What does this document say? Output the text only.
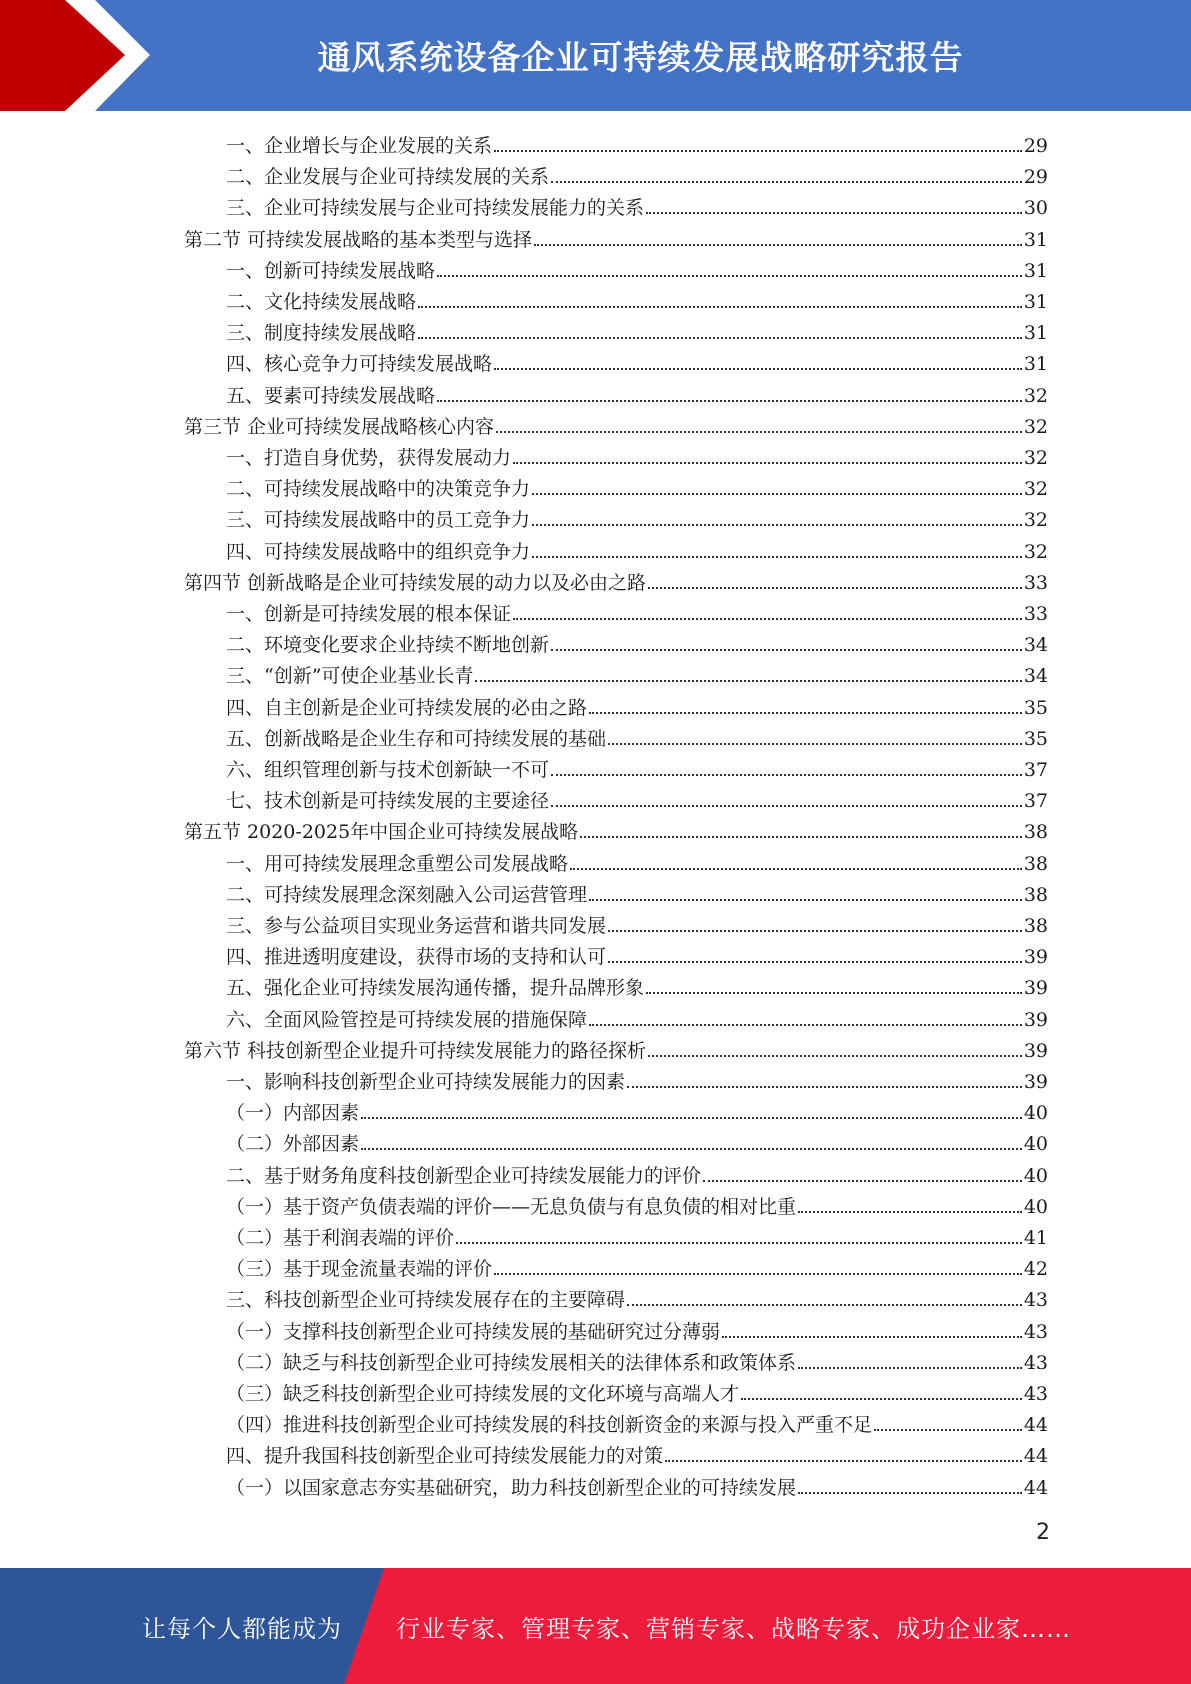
通风系统设备企业可持续发展战略研究报告
一、企业增长与企业发展的关系	29
二、企业发展与企业可持续发展的关系	29
三、企业可持续发展与企业可持续发展能力的关系	30
第二节 可持续发展战略的基本类型与选择	31
一、创新可持续发展战略	31
二、文化持续发展战略	31
三、制度持续发展战略	31
四、核心竞争力可持续发展战略	31
五、要素可持续发展战略	32
第三节 企业可持续发展战略核心内容	32
一、打造自身优势，获得发展动力	32
二、可持续发展战略中的决策竞争力	32
三、可持续发展战略中的员工竞争力	32
四、可持续发展战略中的组织竞争力	32
第四节 创新战略是企业可持续发展的动力以及必由之路	33
一、创新是可持续发展的根本保证	33
二、环境变化要求企业持续不断地创新	34
三、“创新”可使企业基业长青	34
四、自主创新是企业可持续发展的必由之路	35
五、创新战略是企业生存和可持续发展的基础	35
六、组织管理创新与技术创新缺一不可	37
七、技术创新是可持续发展的主要途径	37
第五节 2020-2025年中国企业可持续发展战略	38
一、用可持续发展理念重塑公司发展战略	38
二、可持续发展理念深刻融入公司运营管理	38
三、参与公益项目实现业务运营和谐共同发展	38
四、推进透明度建设，获得市场的支持和认可	39
五、强化企业可持续发展沟通传播，提升品牌形象	39
六、全面风险管控是可持续发展的措施保障	39
第六节 科技创新型企业提升可持续发展能力的路径探析	39
一、影响科技创新型企业可持续发展能力的因素	39
（一）内部因素	40
（二）外部因素	40
二、基于财务角度科技创新型企业可持续发展能力的评价	40
（一）基于资产负债表端的评价——无息负债与有息负债的相对比重	40
（二）基于利润表端的评价	41
（三）基于现金流量表端的评价	42
三、科技创新型企业可持续发展存在的主要障碍	43
（一）支撑科技创新型企业可持续发展的基础研究过分薄弱	43
（二）缺乏与科技创新型企业可持续发展相关的法律体系和政策体系	43
（三）缺乏科技创新型企业可持续发展的文化环境与高端人才	43
（四）推进科技创新型企业可持续发展的科技创新资金的来源与投入严重不足	44
四、提升我国科技创新型企业可持续发展能力的对策	44
（一）以国家意志夯实基础研究，助力科技创新型企业的可持续发展	44
2
让每个人都能成为 行业专家、管理专家、营销专家、战略专家、成功企业家……
